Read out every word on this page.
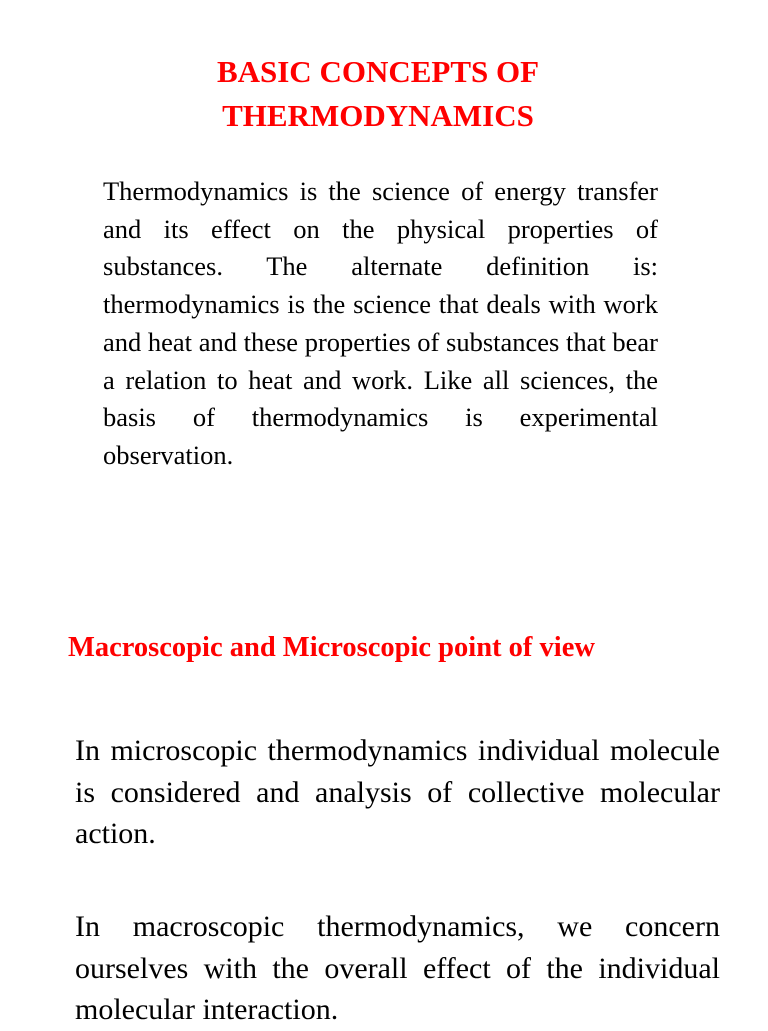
BASIC CONCEPTS OF
THERMODYNAMICS

Thermodynamics is the science of energy transfer and its effect on the physical properties of substances. The alternate definition is: thermodynamics is the science that deals with work and heat and these properties of substances that bear a relation to heat and work. Like all sciences, the basis of thermodynamics is experimental observation.

Macroscopic and Microscopic point of view

In microscopic thermodynamics individual molecule is considered and analysis of collective molecular action.

In macroscopic thermodynamics, we concern ourselves with the overall effect of the individual molecular interaction.
